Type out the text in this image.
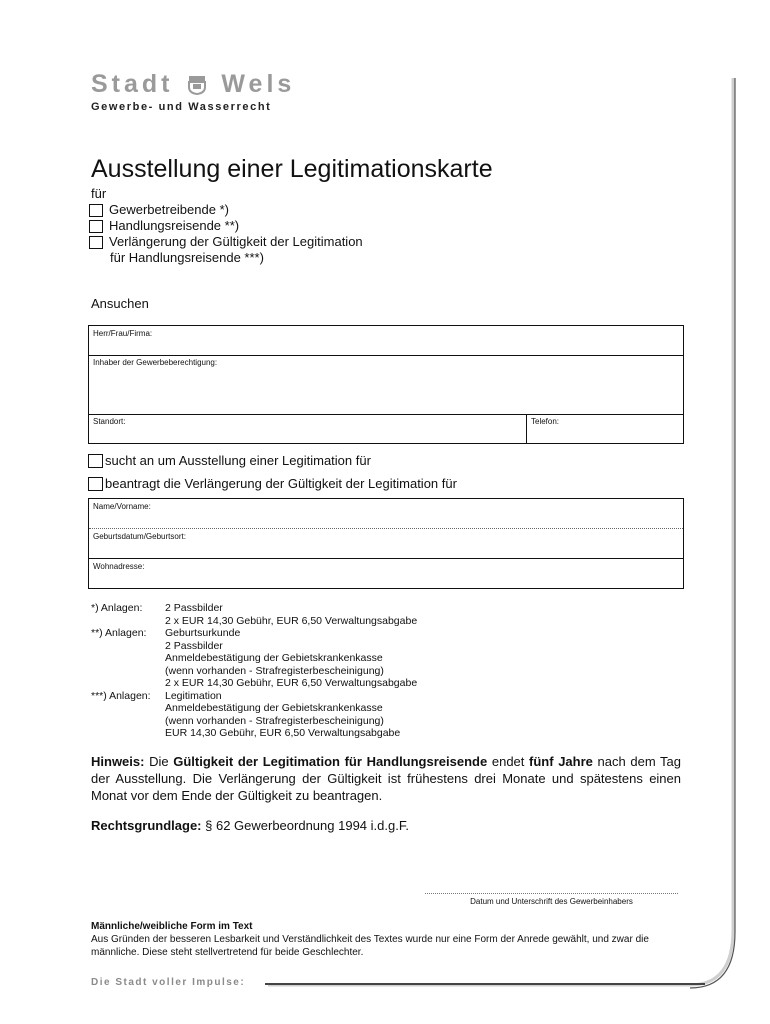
Stadt Wels
Gewerbe- und Wasserrecht
Ausstellung einer Legitimationskarte
für
Gewerbetreibende *)
Handlungsreisende **)
Verlängerung der Gültigkeit der Legitimation
für Handlungsreisende ***)
Ansuchen
Herr/Frau/Firma:
Inhaber der Gewerbeberechtigung:
Standort:	Telefon:
sucht an um Ausstellung einer Legitimation für
beantragt die Verlängerung der Gültigkeit der Legitimation für
Name/Vorname:
Geburtsdatum/Geburtsort:
Wohnadresse:
*) Anlagen: 2 Passbilder
2 x EUR 14,30 Gebühr, EUR 6,50 Verwaltungsabgabe
**) Anlagen: Geburtsurkunde
2 Passbilder
Anmeldebestätigung der Gebietskrankenkasse
(wenn vorhanden - Strafregisterbescheinigung)
2 x EUR 14,30 Gebühr, EUR 6,50 Verwaltungsabgabe
***) Anlagen: Legitimation
Anmeldebestätigung der Gebietskrankenkasse
(wenn vorhanden - Strafregisterbescheinigung)
EUR 14,30 Gebühr, EUR 6,50 Verwaltungsabgabe
Hinweis: Die Gültigkeit der Legitimation für Handlungsreisende endet fünf Jahre nach dem Tag der Ausstellung. Die Verlängerung der Gültigkeit ist frühestens drei Monate und spätestens einen Monat vor dem Ende der Gültigkeit zu beantragen.
Rechtsgrundlage: § 62 Gewerbeordnung 1994 i.d.g.F.
Datum und Unterschrift des Gewerbeinhabers
Männliche/weibliche Form im Text
Aus Gründen der besseren Lesbarkeit und Verständlichkeit des Textes wurde nur eine Form der Anrede gewählt, und zwar die männliche. Diese steht stellvertretend für beide Geschlechter.
Die Stadt voller Impulse:
